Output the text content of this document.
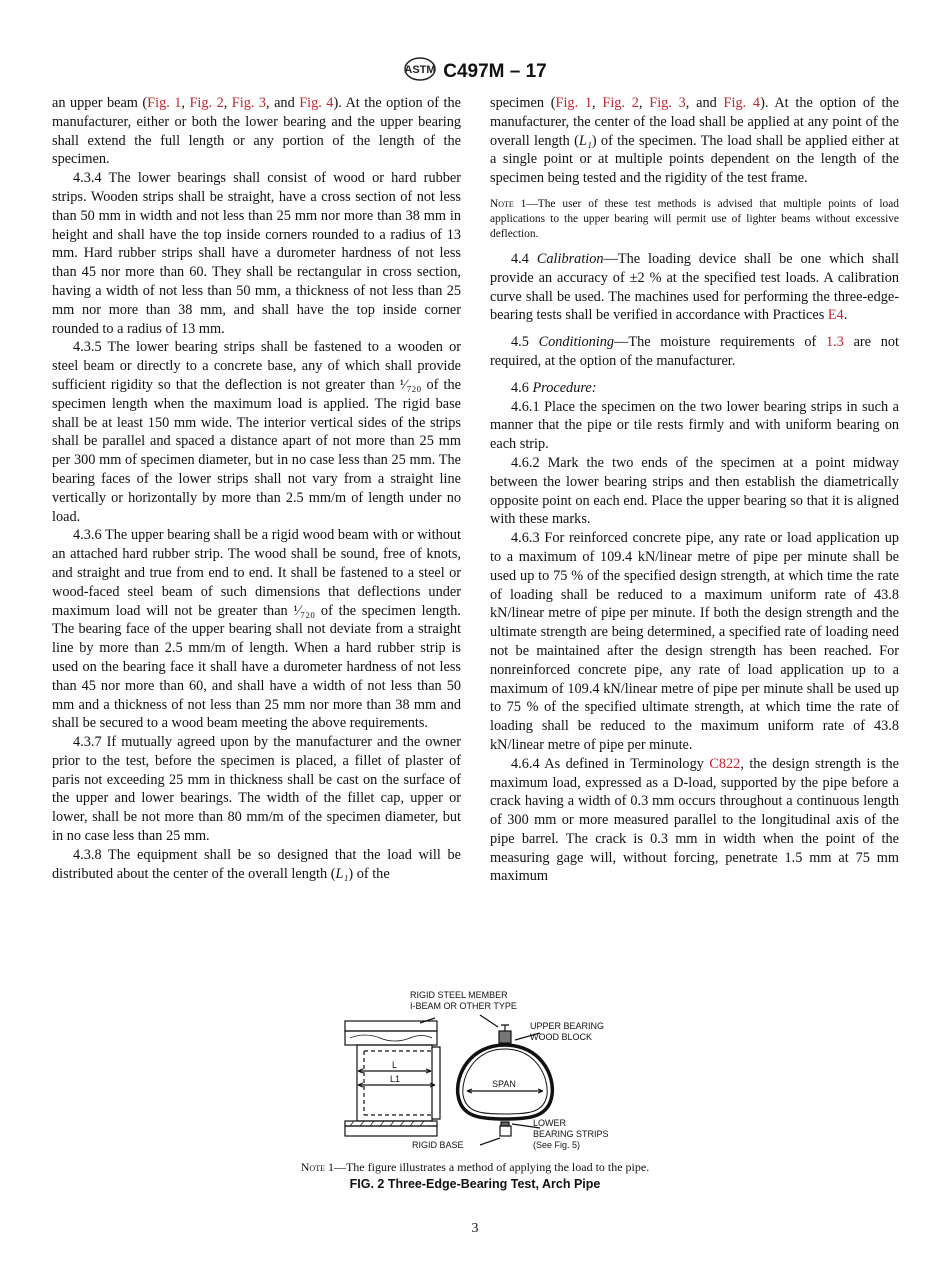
ASTM C497M – 17

an upper beam (Fig. 1, Fig. 2, Fig. 3, and Fig. 4). At the option of the manufacturer, either or both the lower bearing and the upper bearing shall extend the full length or any portion of the length of the specimen.

4.3.4 The lower bearings shall consist of wood or hard rubber strips. Wooden strips shall be straight, have a cross section of not less than 50 mm in width and not less than 25 mm nor more than 38 mm in height and shall have the top inside corners rounded to a radius of 13 mm. Hard rubber strips shall have a durometer hardness of not less than 45 nor more than 60. They shall be rectangular in cross section, having a width of not less than 50 mm, a thickness of not less than 25 mm nor more than 38 mm, and shall have the top inside corner rounded to a radius of 13 mm.

4.3.5 The lower bearing strips shall be fastened to a wooden or steel beam or directly to a concrete base, any of which shall provide sufficient rigidity so that the deflection is not greater than ¹⁄₇₂₀ of the specimen length when the maximum load is applied. The rigid base shall be at least 150 mm wide. The interior vertical sides of the strips shall be parallel and spaced a distance apart of not more than 25 mm per 300 mm of specimen diameter, but in no case less than 25 mm. The bearing faces of the lower strips shall not vary from a straight line vertically or horizontally by more than 2.5 mm/m of length under no load.

4.3.6 The upper bearing shall be a rigid wood beam with or without an attached hard rubber strip. The wood shall be sound, free of knots, and straight and true from end to end. It shall be fastened to a steel or wood-faced steel beam of such dimensions that deflections under maximum load will not be greater than ¹⁄₇₂₀ of the specimen length. The bearing face of the upper bearing shall not deviate from a straight line by more than 2.5 mm/m of length. When a hard rubber strip is used on the bearing face it shall have a durometer hardness of not less than 45 nor more than 60, and shall have a width of not less than 50 mm and a thickness of not less than 25 mm nor more than 38 mm and shall be secured to a wood beam meeting the above requirements.

4.3.7 If mutually agreed upon by the manufacturer and the owner prior to the test, before the specimen is placed, a fillet of plaster of paris not exceeding 25 mm in thickness shall be cast on the surface of the upper and lower bearings. The width of the fillet cap, upper or lower, shall be not more than 80 mm/m of the specimen diameter, but in no case less than 25 mm.

4.3.8 The equipment shall be so designed that the load will be distributed about the center of the overall length (L₁) of the

specimen (Fig. 1, Fig. 2, Fig. 3, and Fig. 4). At the option of the manufacturer, the center of the load shall be applied at any point of the overall length (L₁) of the specimen. The load shall be applied either at a single point or at multiple points dependent on the length of the specimen being tested and the rigidity of the test frame.

Note 1—The user of these test methods is advised that multiple points of load applications to the upper bearing will permit use of lighter beams without excessive deflection.

4.4 Calibration—The loading device shall be one which shall provide an accuracy of ±2 % at the specified test loads. A calibration curve shall be used. The machines used for performing the three-edge-bearing tests shall be verified in accordance with Practices E4.

4.5 Conditioning—The moisture requirements of 1.3 are not required, at the option of the manufacturer.

4.6 Procedure:

4.6.1 Place the specimen on the two lower bearing strips in such a manner that the pipe or tile rests firmly and with uniform bearing on each strip.

4.6.2 Mark the two ends of the specimen at a point midway between the lower bearing strips and then establish the diametrically opposite point on each end. Place the upper bearing so that it is aligned with these marks.

4.6.3 For reinforced concrete pipe, any rate or load application up to a maximum of 109.4 kN/linear metre of pipe per minute shall be used up to 75 % of the specified design strength, at which time the rate of loading shall be reduced to a maximum uniform rate of 43.8 kN/linear metre of pipe per minute. If both the design strength and the ultimate strength are being determined, a specified rate of loading need not be maintained after the design strength has been reached. For nonreinforced concrete pipe, any rate of load application up to a maximum of 109.4 kN/linear metre of pipe per minute shall be used up to 75 % of the specified ultimate strength, at which time the rate of loading shall be reduced to the maximum uniform rate of 43.8 kN/linear metre of pipe per minute.

4.6.4 As defined in Terminology C822, the design strength is the maximum load, expressed as a D-load, supported by the pipe before a crack having a width of 0.3 mm occurs throughout a continuous length of 300 mm or more measured parallel to the longitudinal axis of the pipe barrel. The crack is 0.3 mm in width when the point of the measuring gage will, without forcing, penetrate 1.5 mm at 75 mm maximum

RIGID STEEL MEMBER
I-BEAM OR OTHER TYPE
UPPER BEARING
WOOD BLOCK
L
L1	SPAN
LOWER
BEARING STRIPS
(See Fig. 5)
RIGID BASE
Note 1—The figure illustrates a method of applying the load to the pipe.
FIG. 2 Three-Edge-Bearing Test, Arch Pipe
3
